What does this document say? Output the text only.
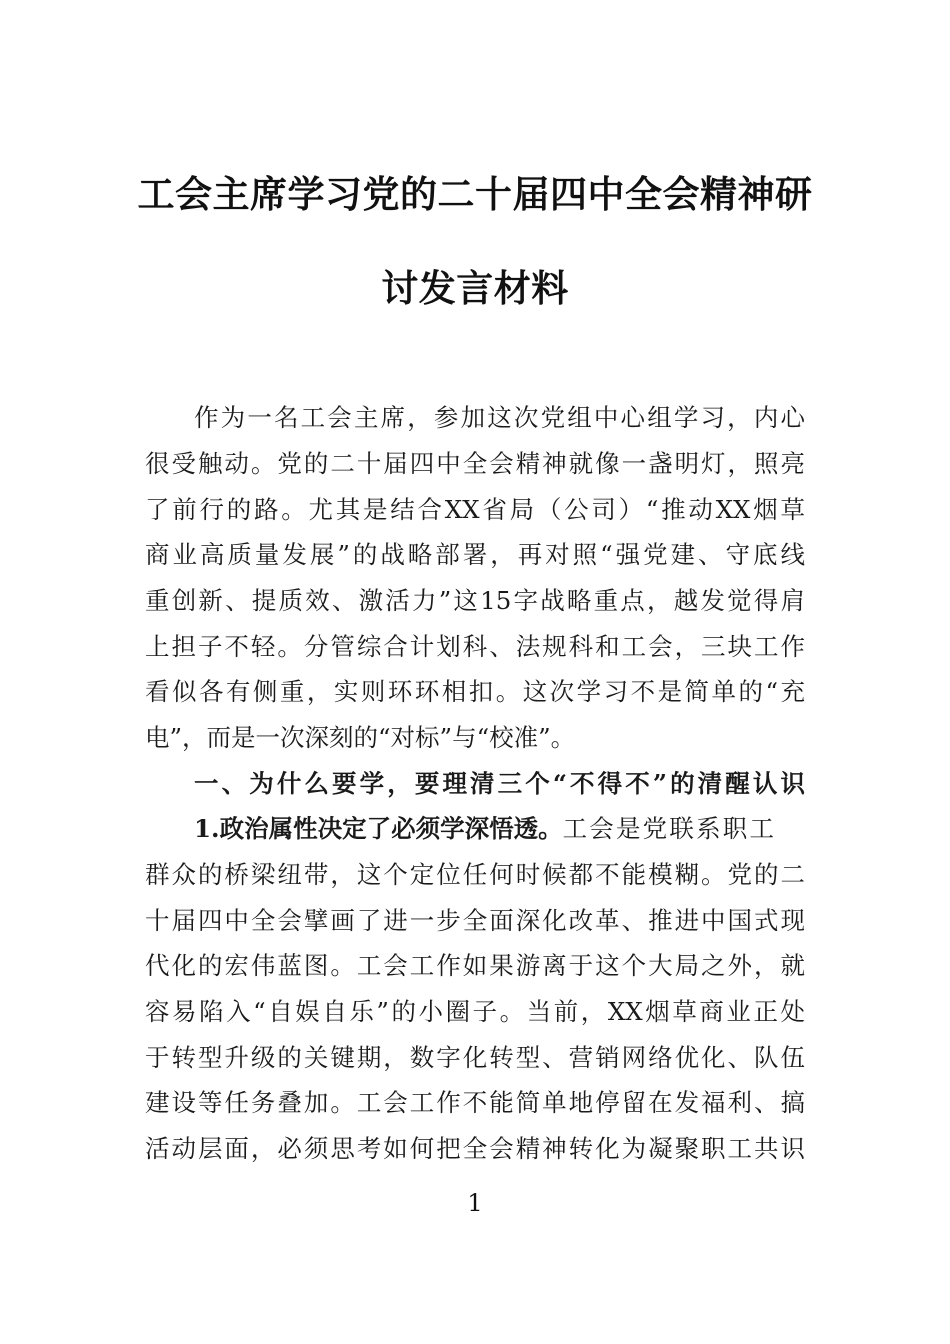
工会主席学习党的二十届四中全会精神研
讨发言材料
作为一名工会主席，参加这次党组中心组学习，内心
很受触动。党的二十届四中全会精神就像一盏明灯，照亮
了前行的路。尤其是结合XX省局（公司）“推动XX烟草
商业高质量发展”的战略部署，再对照“强党建、守底线
重创新、提质效、激活力”这15字战略重点，越发觉得肩
上担子不轻。分管综合计划科、法规科和工会，三块工作
看似各有侧重，实则环环相扣。这次学习不是简单的“充
电”，而是一次深刻的“对标”与“校准”。
一、为什么要学，要理清三个“不得不”的清醒认识
1.政治属性决定了必须学深悟透。工会是党联系职工
群众的桥梁纽带，这个定位任何时候都不能模糊。党的二
十届四中全会擘画了进一步全面深化改革、推进中国式现
代化的宏伟蓝图。工会工作如果游离于这个大局之外，就
容易陷入“自娱自乐”的小圈子。当前，XX烟草商业正处
于转型升级的关键期，数字化转型、营销网络优化、队伍
建设等任务叠加。工会工作不能简单地停留在发福利、搞
活动层面，必须思考如何把全会精神转化为凝聚职工共识
1
